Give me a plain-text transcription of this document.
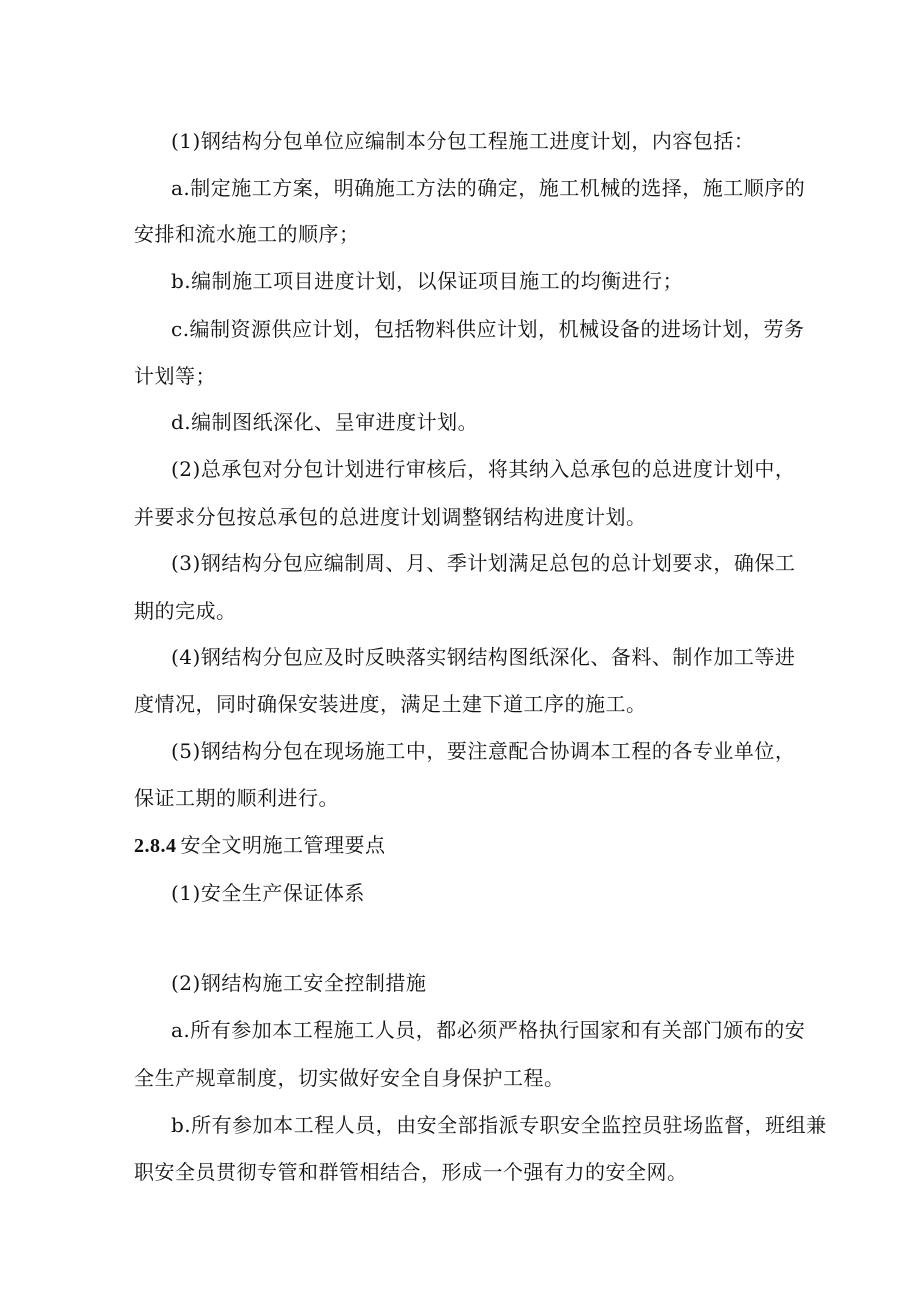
(1)钢结构分包单位应编制本分包工程施工进度计划，内容包括：
a.制定施工方案，明确施工方法的确定，施工机械的选择，施工顺序的
安排和流水施工的顺序；
b.编制施工项目进度计划，以保证项目施工的均衡进行；
c.编制资源供应计划，包括物料供应计划，机械设备的进场计划，劳务
计划等；
d.编制图纸深化、呈审进度计划。
(2)总承包对分包计划进行审核后，将其纳入总承包的总进度计划中，
并要求分包按总承包的总进度计划调整钢结构进度计划。
(3)钢结构分包应编制周、月、季计划满足总包的总计划要求，确保工
期的完成。
(4)钢结构分包应及时反映落实钢结构图纸深化、备料、制作加工等进
度情况，同时确保安装进度，满足土建下道工序的施工。
(5)钢结构分包在现场施工中，要注意配合协调本工程的各专业单位，
保证工期的顺利进行。
2.8.4 安全文明施工管理要点
(1)安全生产保证体系
(2)钢结构施工安全控制措施
a.所有参加本工程施工人员，都必须严格执行国家和有关部门颁布的安
全生产规章制度，切实做好安全自身保护工程。
b.所有参加本工程人员，由安全部指派专职安全监控员驻场监督，班组兼
职安全员贯彻专管和群管相结合，形成一个强有力的安全网。
